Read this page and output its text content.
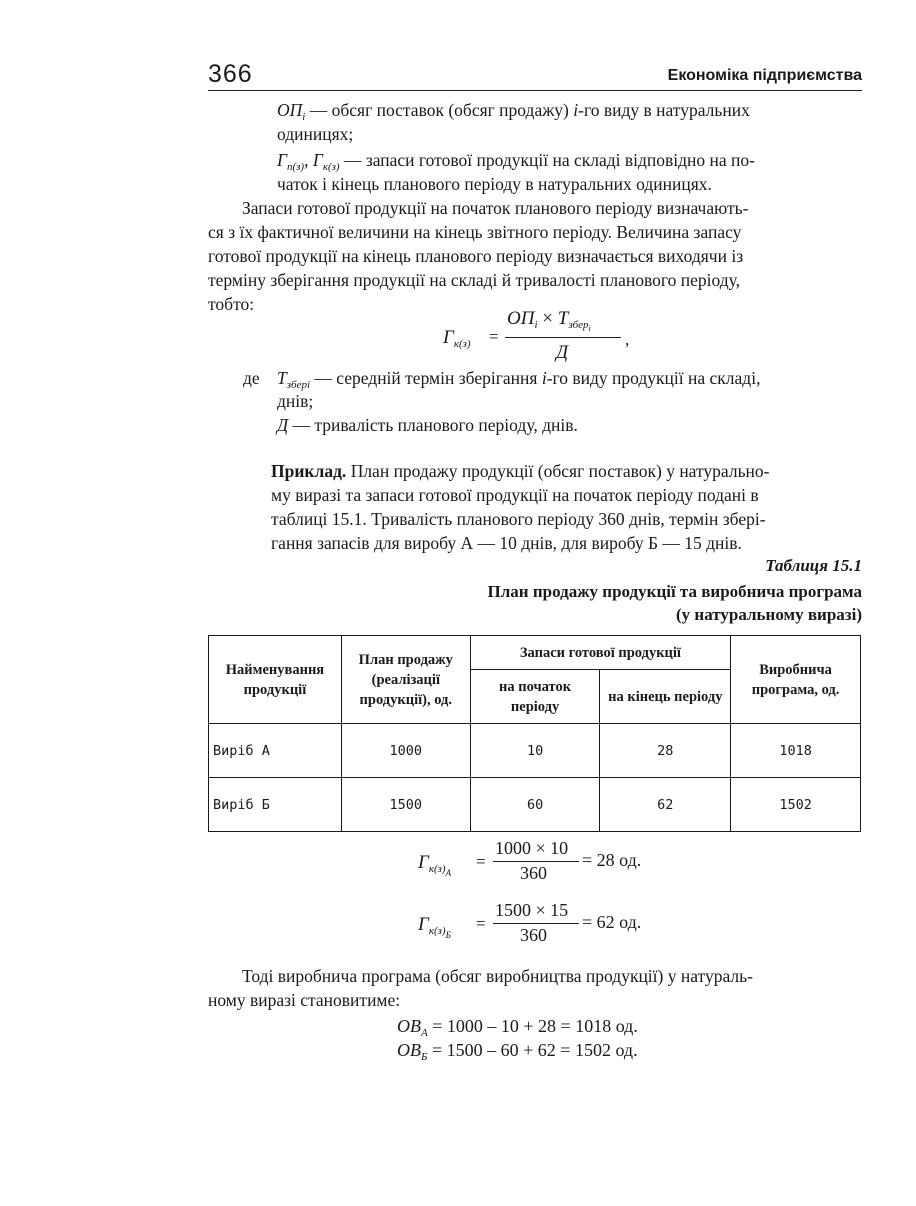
366	Економіка підприємства
$ОП_i$ — обсяг поставок (обсяг продажу) i-го виду в натуральних
одиницях;
$Г_{п(з)}$, $Г_{к(з)}$ — запаси готової продукції на складі відповідно на по-
чаток і кінець планового періоду в натуральних одиницях.
Запаси готової продукції на початок планового періоду визначають-
ся з їх фактичної величини на кінець звітного періоду. Величина запасу
готової продукції на кінець планового періоду визначається виходячи із
терміну зберігання продукції на складі й тривалості планового періоду,
тобто:
$Г_{к(з)}$ =
$ОП_i \times Т_{зберi}$
Д
,
де $Т_{зберi}$ — середній термін зберігання i-го виду продукції на складі,
днів;
Д — тривалість планового періоду, днів.
Приклад. План продажу продукції (обсяг поставок) у натурально-
му виразі та запаси готової продукції на початок періоду подані в
таблиці 15.1. Тривалість планового періоду 360 днів, термін збері-
гання запасів для виробу А — 10 днів, для виробу Б — 15 днів.
Таблиця 15.1
План продажу продукції та виробнича програма
(у натуральному виразі)
Найменування продукції	План продажу (реалізації продукції), од.	Запаси готової продукції		Виробнича програма, од.
		на початок періоду	на кінець періоду	
Виріб А	1000	10	28	1018
Виріб Б	1500	60	62	1502
$Г_{к(з)А}$
=
1000 × 10
360
= 28 од.
$Г_{к(з)Б}$
=
1500 × 15
360
= 62 од.
Тоді виробнича програма (обсяг виробництва продукції) у натураль-
ному виразі становитиме:
$ОВ_А = 1000 - 10 + 28 = 1018$ од.
$ОВ_Б = 1500 - 60 + 62 = 1502$ од.
